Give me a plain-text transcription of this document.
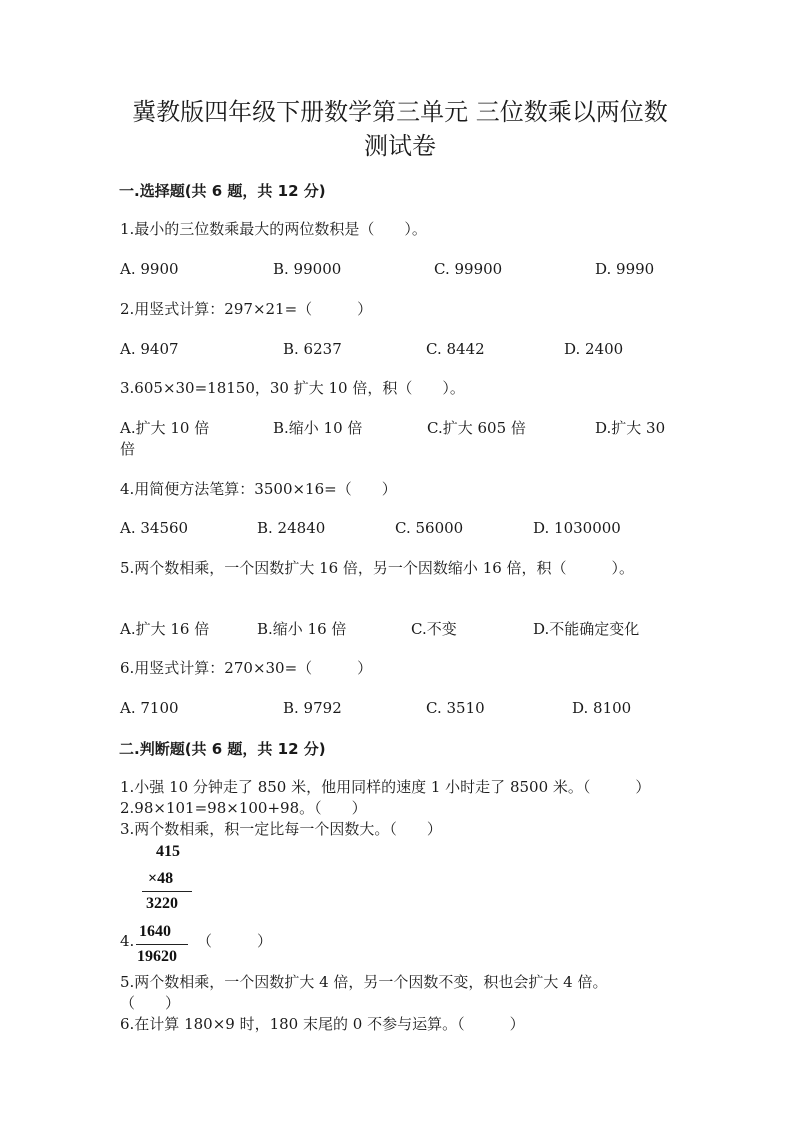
冀教版四年级下册数学第三单元 三位数乘以两位数
测试卷
一.选择题(共 6 题，共 12 分)
1.最小的三位数乘最大的两位数积是（　　）。
A. 9900	B. 99000	C. 99900	D. 9990
2.用竖式计算：297×21=（　　　）
A. 9407	B. 6237	C. 8442	D. 2400
3.605×30=18150，30 扩大 10 倍，积（　　）。
A.扩大 10 倍	B.缩小 10 倍	C.扩大 605 倍	D.扩大 30
倍
4.用简便方法笔算：3500×16=（　　）
A. 34560	B. 24840	C. 56000	D. 1030000
5.两个数相乘，一个因数扩大 16 倍，另一个因数缩小 16 倍，积（　　　）。
A.扩大 16 倍	B.缩小 16 倍	C.不变	D.不能确定变化
6.用竖式计算：270×30=（　　　）
A. 7100	B. 9792	C. 3510	D. 8100
二.判断题(共 6 题，共 12 分)
1.小强 10 分钟走了 850 米，他用同样的速度 1 小时走了 8500 米。（　　　）
2.98×101=98×100+98。（　　）
3.两个数相乘，积一定比每一个因数大。（　　）
415
×48
3220
1640
19620
4.	（　　　）
5.两个数相乘，一个因数扩大 4 倍，另一个因数不变，积也会扩大 4 倍。
（　　）
6.在计算 180×9 时，180 末尾的 0 不参与运算。（　　　）
